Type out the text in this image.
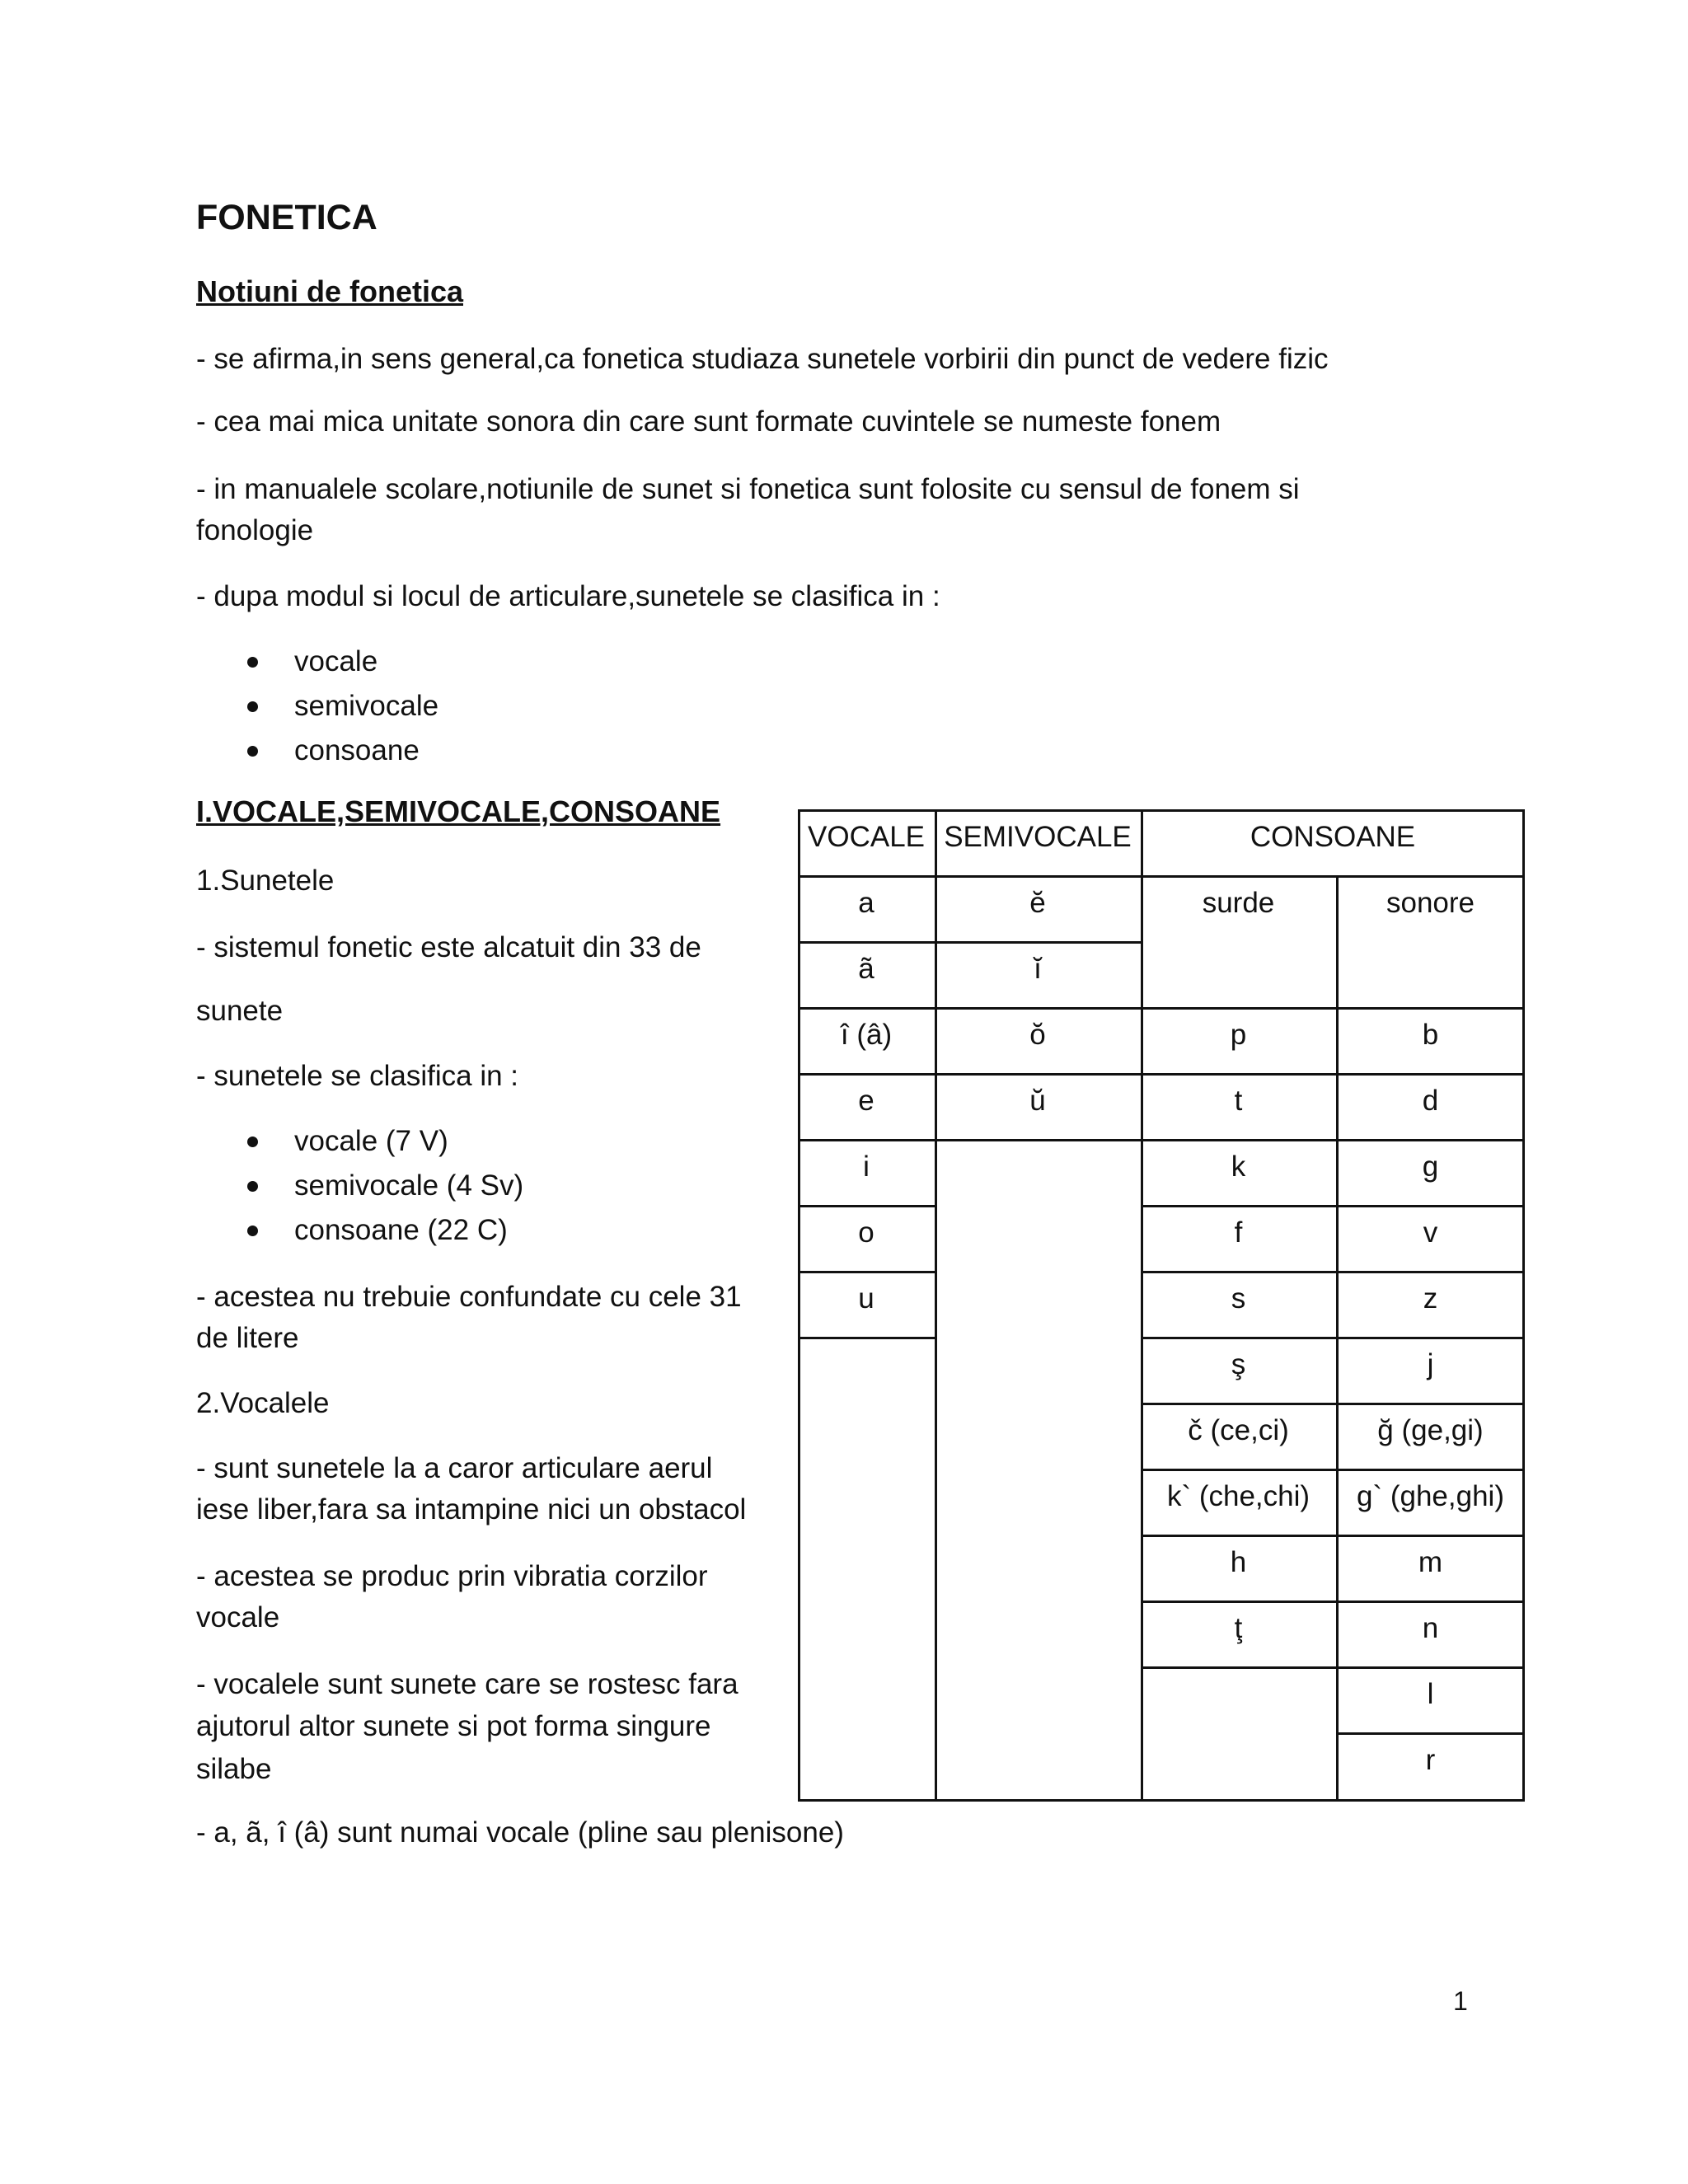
FONETICA
Notiuni de fonetica
- se afirma,in sens general,ca fonetica studiaza sunetele vorbirii din punct de vedere fizic
- cea mai mica unitate sonora din care sunt formate cuvintele se numeste fonem
- in manualele scolare,notiunile de sunet si fonetica sunt folosite cu sensul de fonem si
fonologie
- dupa modul si locul de articulare,sunetele se clasifica in :
vocale
semivocale
consoane
I.VOCALE,SEMIVOCALE,CONSOANE
1.Sunetele
- sistemul fonetic este alcatuit din 33 de
sunete
- sunetele se clasifica in :
vocale (7 V)
semivocale (4 Sv)
consoane (22 C)
- acestea nu trebuie confundate cu cele 31
de litere
2.Vocalele
- sunt sunetele la a caror articulare aerul
iese liber,fara sa intampine nici un obstacol
- acestea se produc prin vibratia corzilor
vocale
- vocalele sunt sunete care se rostesc fara
ajutorul altor sunete si pot forma singure
silabe
- a, ã, î (â) sunt numai vocale (pline sau plenisone)
VOCALE SEMIVOCALE	CONSOANE
surde	sonore
a
ã
î (â)
e
i
o
u
ĕ
ĭ
ŏ
ŭ
p
t
k
f
s
ş
č (ce,ci)
k` (che,chi)
h
ţ
b
d
g
v
z
j
ğ (ge,gi)
g` (ghe,ghi)
m
n
l
r
1
